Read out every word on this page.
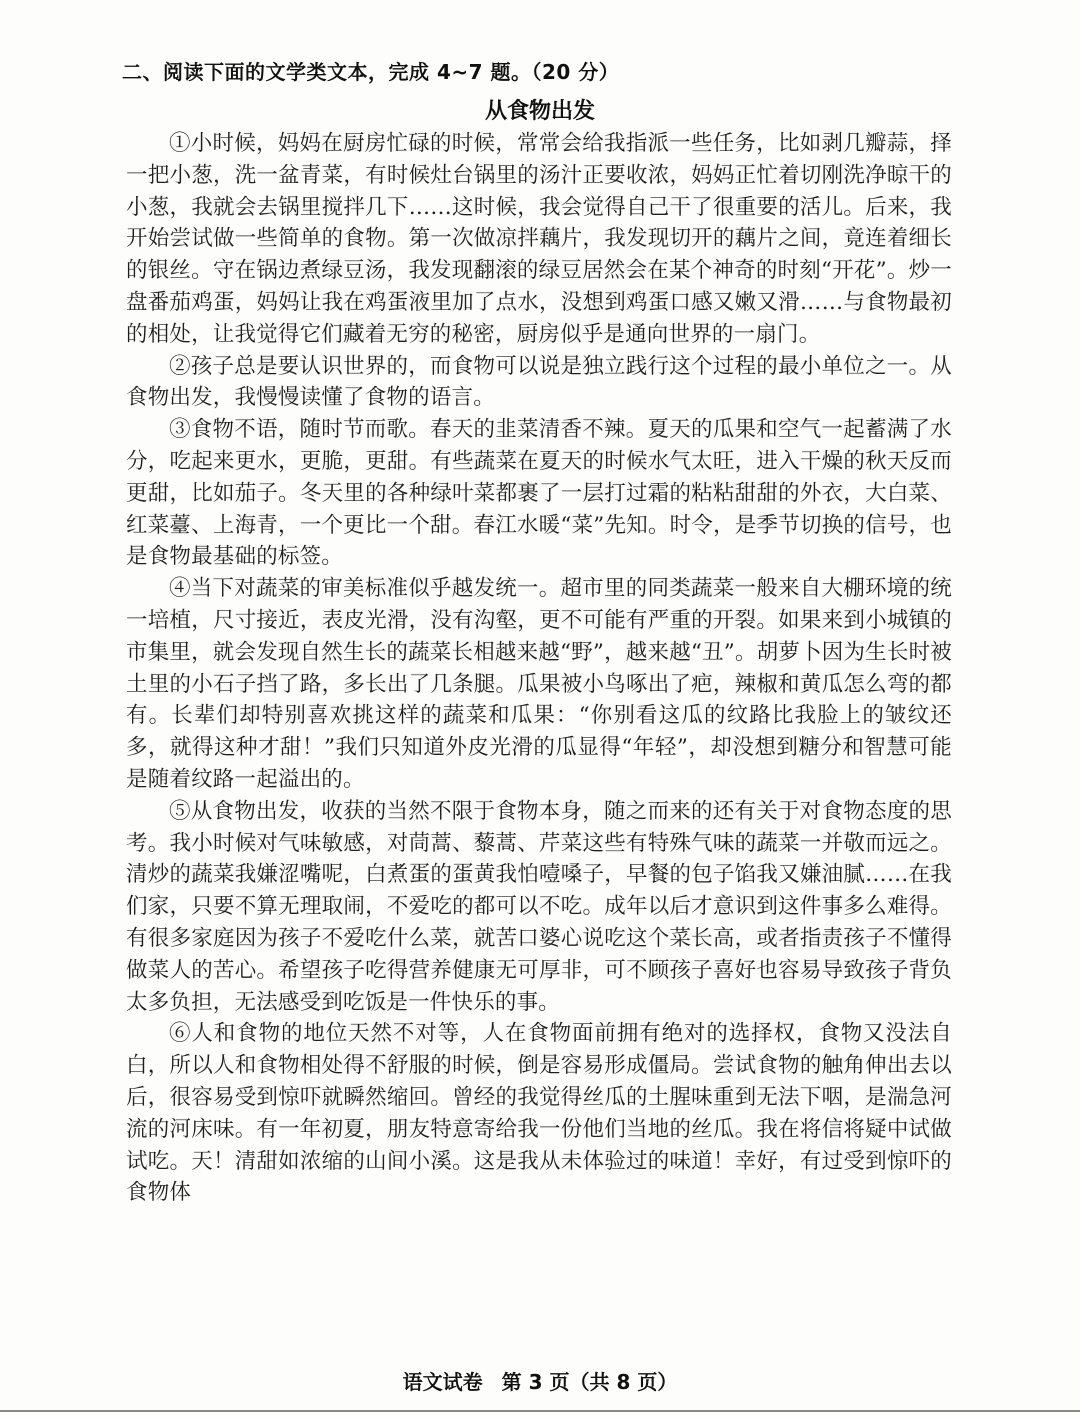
二、阅读下面的文学类文本，完成 4~7 题。（20 分）
从食物出发

①小时候，妈妈在厨房忙碌的时候，常常会给我指派一些任务，比如剥几瓣蒜，择一把小葱，洗一盆青菜，有时候灶台锅里的汤汁正要收浓，妈妈正忙着切刚洗净晾干的小葱，我就会去锅里搅拌几下……这时候，我会觉得自己干了很重要的活儿。后来，我开始尝试做一些简单的食物。第一次做凉拌藕片，我发现切开的藕片之间，竟连着细长的银丝。守在锅边煮绿豆汤，我发现翻滚的绿豆居然会在某个神奇的时刻“开花”。炒一盘番茄鸡蛋，妈妈让我在鸡蛋液里加了点水，没想到鸡蛋口感又嫩又滑……与食物最初的相处，让我觉得它们藏着无穷的秘密，厨房似乎是通向世界的一扇门。

②孩子总是要认识世界的，而食物可以说是独立践行这个过程的最小单位之一。从食物出发，我慢慢读懂了食物的语言。

③食物不语，随时节而歌。春天的韭菜清香不辣。夏天的瓜果和空气一起蓄满了水分，吃起来更水，更脆，更甜。有些蔬菜在夏天的时候水气太旺，进入干燥的秋天反而更甜，比如茄子。冬天里的各种绿叶菜都裹了一层打过霜的粘粘甜甜的外衣，大白菜、红菜薹、上海青，一个更比一个甜。春江水暖“菜”先知。时令，是季节切换的信号，也是食物最基础的标签。

④当下对蔬菜的审美标准似乎越发统一。超市里的同类蔬菜一般来自大棚环境的统一培植，尺寸接近，表皮光滑，没有沟壑，更不可能有严重的开裂。如果来到小城镇的市集里，就会发现自然生长的蔬菜长相越来越“野”，越来越“丑”。胡萝卜因为生长时被土里的小石子挡了路，多长出了几条腿。瓜果被小鸟啄出了疤，辣椒和黄瓜怎么弯的都有。长辈们却特别喜欢挑这样的蔬菜和瓜果：“你别看这瓜的纹路比我脸上的皱纹还多，就得这种才甜！”我们只知道外皮光滑的瓜显得“年轻”，却没想到糖分和智慧可能是随着纹路一起溢出的。

⑤从食物出发，收获的当然不限于食物本身，随之而来的还有关于对食物态度的思考。我小时候对气味敏感，对茼蒿、藜蒿、芹菜这些有特殊气味的蔬菜一并敬而远之。清炒的蔬菜我嫌涩嘴呢，白煮蛋的蛋黄我怕噎嗓子，早餐的包子馅我又嫌油腻……在我们家，只要不算无理取闹，不爱吃的都可以不吃。成年以后才意识到这件事多么难得。有很多家庭因为孩子不爱吃什么菜，就苦口婆心说吃这个菜长高，或者指责孩子不懂得做菜人的苦心。希望孩子吃得营养健康无可厚非，可不顾孩子喜好也容易导致孩子背负太多负担，无法感受到吃饭是一件快乐的事。

⑥人和食物的地位天然不对等，人在食物面前拥有绝对的选择权，食物又没法自白，所以人和食物相处得不舒服的时候，倒是容易形成僵局。尝试食物的触角伸出去以后，很容易受到惊吓就瞬然缩回。曾经的我觉得丝瓜的土腥味重到无法下咽，是湍急河流的河床味。有一年初夏，朋友特意寄给我一份他们当地的丝瓜。我在将信将疑中试做试吃。天！清甜如浓缩的山间小溪。这是我从未体验过的味道！幸好，有过受到惊吓的食物体

语文试卷 第 3 页（共 8 页）
